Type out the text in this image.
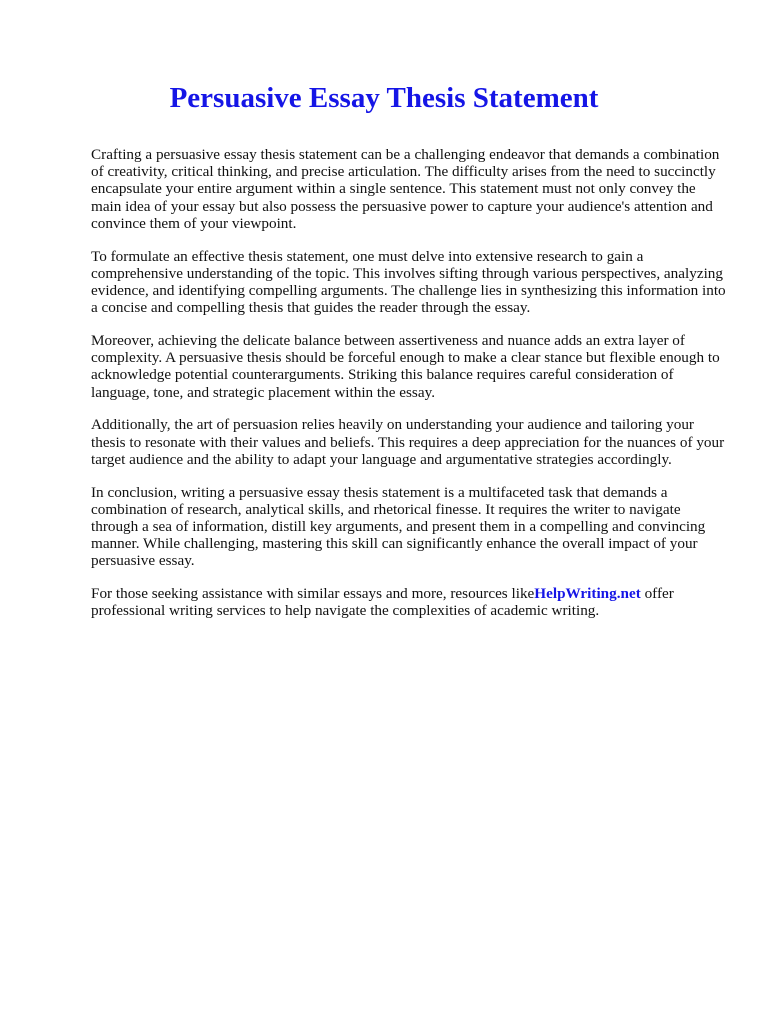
Persuasive Essay Thesis Statement

Crafting a persuasive essay thesis statement can be a challenging endeavor that demands a combination of creativity, critical thinking, and precise articulation. The difficulty arises from the need to succinctly encapsulate your entire argument within a single sentence. This statement must not only convey the main idea of your essay but also possess the persuasive power to capture your audience's attention and convince them of your viewpoint.

To formulate an effective thesis statement, one must delve into extensive research to gain a comprehensive understanding of the topic. This involves sifting through various perspectives, analyzing evidence, and identifying compelling arguments. The challenge lies in synthesizing this information into a concise and compelling thesis that guides the reader through the essay.

Moreover, achieving the delicate balance between assertiveness and nuance adds an extra layer of complexity. A persuasive thesis should be forceful enough to make a clear stance but flexible enough to acknowledge potential counterarguments. Striking this balance requires careful consideration of language, tone, and strategic placement within the essay.

Additionally, the art of persuasion relies heavily on understanding your audience and tailoring your thesis to resonate with their values and beliefs. This requires a deep appreciation for the nuances of your target audience and the ability to adapt your language and argumentative strategies accordingly.

In conclusion, writing a persuasive essay thesis statement is a multifaceted task that demands a combination of research, analytical skills, and rhetorical finesse. It requires the writer to navigate through a sea of information, distill key arguments, and present them in a compelling and convincing manner. While challenging, mastering this skill can significantly enhance the overall impact of your persuasive essay.

For those seeking assistance with similar essays and more, resources likeHelpWriting.net offer professional writing services to help navigate the complexities of academic writing.
